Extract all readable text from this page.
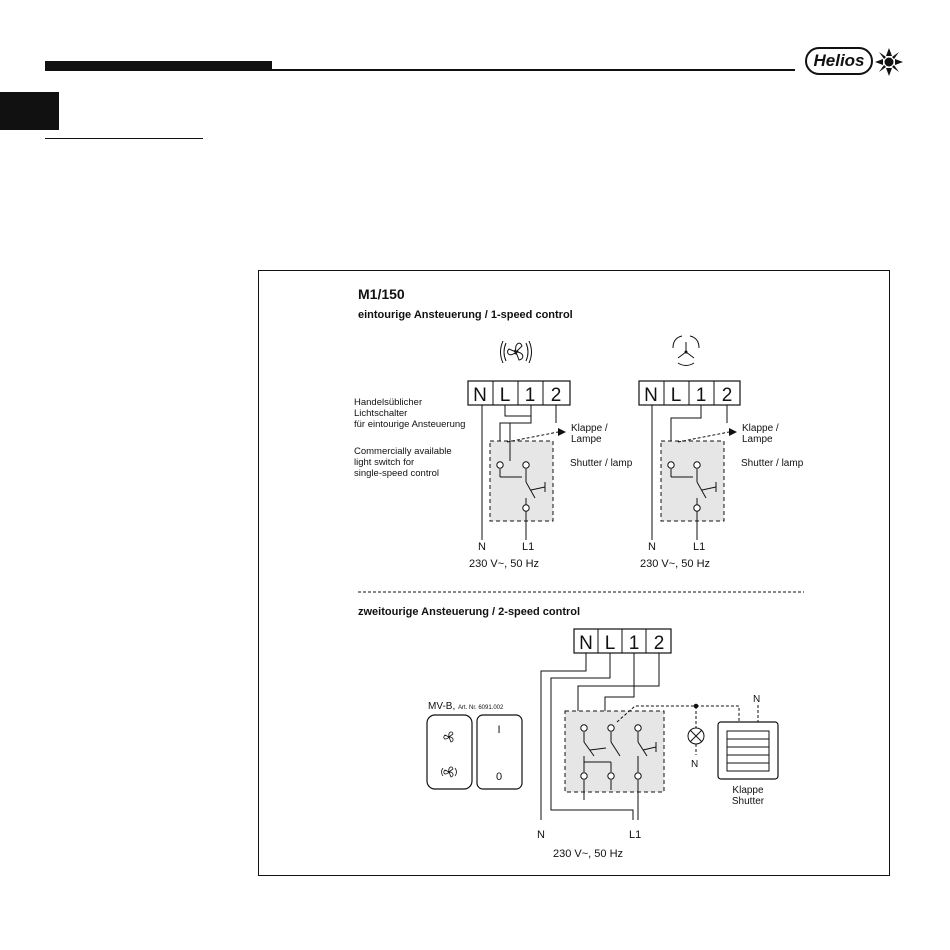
Helios
M1/150
eintourige Ansteuerung / 1-speed control
N L 1 2
Klappe /
Lampe
Shutter / lamp
N	L1
230 V~, 50 Hz
Handelsüblicher
Lichtschalter
für eintourige Ansteuerung
Commercially available
light switch for
single-speed control
N L 1 2
Klappe /
Lampe
Shutter / lamp
N	L1
230 V~, 50 Hz
zweitourige Ansteuerung / 2-speed control
N L 1 2
N
N
Klappe
Shutter
MV-B, Art. Nr. 6091.002
I
0
N	L1
230 V~, 50 Hz
